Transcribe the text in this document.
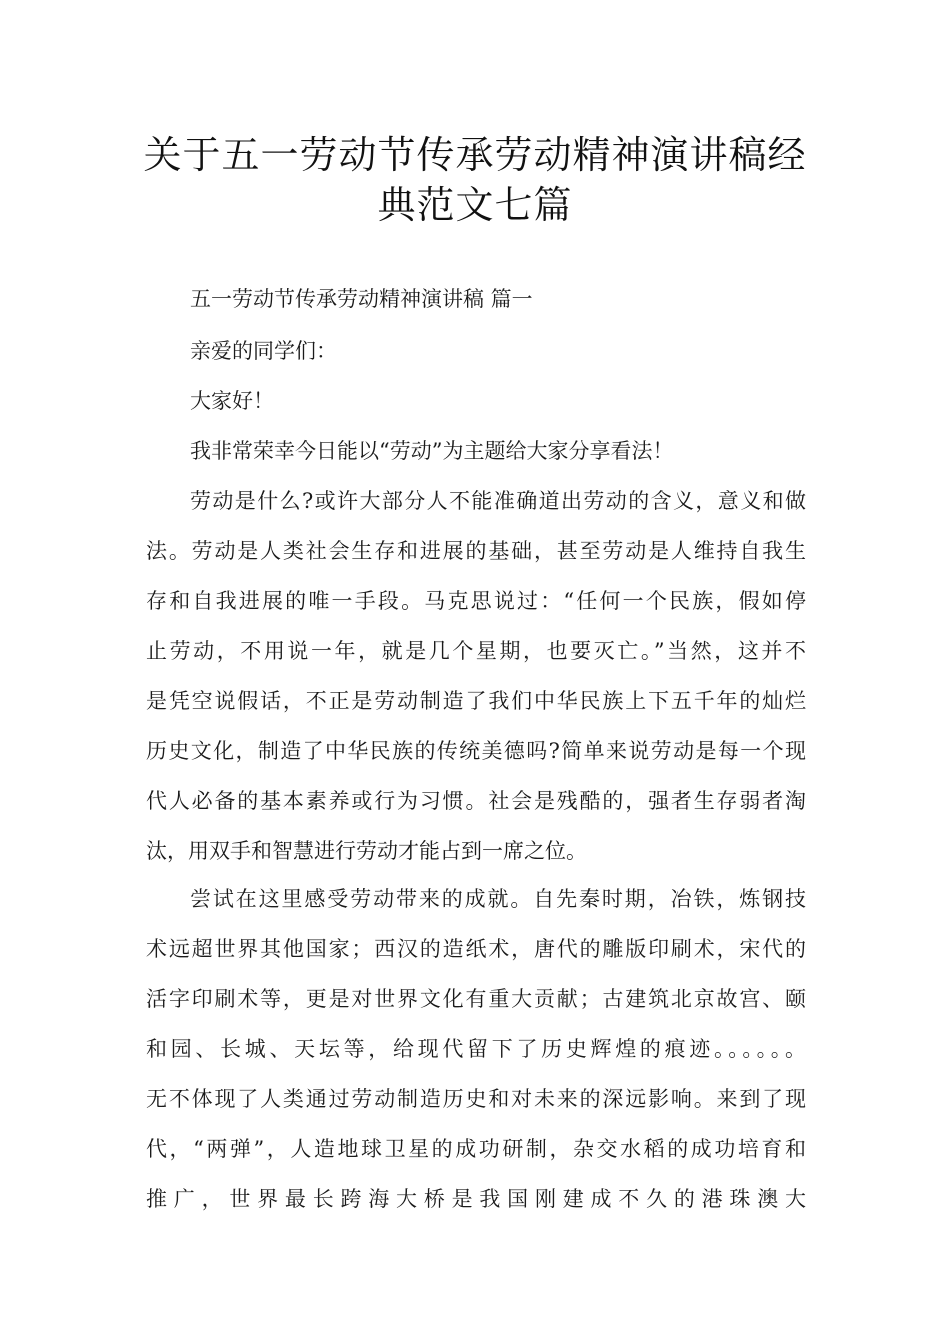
关于五一劳动节传承劳动精神演讲稿经
典范文七篇
五一劳动节传承劳动精神演讲稿 篇一
亲爱的同学们：
大家好！
我非常荣幸今日能以“劳动”为主题给大家分享看法！
劳动是什么?或许大部分人不能准确道出劳动的含义，意义和做
法。劳动是人类社会生存和进展的基础，甚至劳动是人维持自我生
存和自我进展的唯一手段。马克思说过：“任何一个民族，假如停
止劳动，不用说一年，就是几个星期，也要灭亡。”当然，这并不
是凭空说假话，不正是劳动制造了我们中华民族上下五千年的灿烂
历史文化，制造了中华民族的传统美德吗?简单来说劳动是每一个现
代人必备的基本素养或行为习惯。社会是残酷的，强者生存弱者淘
汰，用双手和智慧进行劳动才能占到一席之位。
尝试在这里感受劳动带来的成就。自先秦时期，冶铁，炼钢技
术远超世界其他国家；西汉的造纸术，唐代的雕版印刷术，宋代的
活字印刷术等，更是对世界文化有重大贡献；古建筑北京故宫、颐
和园、长城、天坛等，给现代留下了历史辉煌的痕迹。。。。。。
无不体现了人类通过劳动制造历史和对未来的深远影响。来到了现
代，“两弹”，人造地球卫星的成功研制，杂交水稻的成功培育和
推广，世界最长跨海大桥是我国刚建成不久的港珠澳大
